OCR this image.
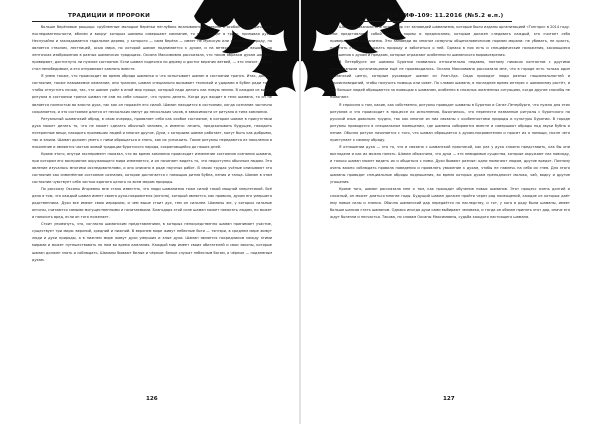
ТРАДИЦИИ И ПРОРОКИ

больше берёзовые рощицы: срубленные молодые берёзки неглубоко вкапываются в землю в особой геометрической последовательности, вблизи и вокруг которых шаманы совершают камлание, то есть входят в транс, призывая духа. Неслучайно и закладывается гадальное дерево, у которого — сама берёза — имеет не мужскую или женскую природу, но является стволом, лестницей, осью мира, по которой шаман поднимается к духам, и на ветвях которого вешают на ленточках изображения в разных шаманских традициях. Оксана Максимовна рассказала, что таким образом духам шаманы проверяют, достигнуто ли нужное состояние. Если шаман поднялся по дереву и достиг верхних ветвей, — это значит, что он стал непобедимым, и его отправляют камлать вместе.

Я умею также, что происходит во время обряда шаманки и что испытывает шаман в состоянии транса. Итак, данное состояние, также называемое камлание, они трансом, шаман специально вызывает техникой и ударами в бубен ради того, чтобы отпустить ночью, так, что шаман ушёл в иной мир проще, который надо делить как новую землю. В каждом из видов ритуала в состоянии транса шаман не сам по себе слышит, что нужно делать. Когда дух входит в тело шамана, то он не является полностью во власти духа, так как он поражён его силой. Шаман находится в состоянии, когда сознание частично сохраняется, и это состояние длится от нескольких минут до нескольких часов, в зависимости от ритуала и типа камлания.

Ритуальный шаманский обряд, в свою очередь, проявляет себя как особое состояние, в котором шаман в присутствии духа может делать то, что не может сделать обычный человек, а именно: лечить, предсказывать будущее, находить потерянные вещи, находить пропавших людей и многое другое. Духи, с которыми шаман работает, могут быть как добрыми, так и злыми. Шаман должен уметь с ними обращаться и знать, как их успокоить. Такие ритуалы передаются из поколения в поколение и являются частью живой традиции бурятского народа, сохраняющейся до наших дней.

Кроме этого, внутри эксперимент показал, что во время камлания происходит изменение состояния сознания шамана, при котором его восприятие окружающего мира изменяется, и он начинает видеть то, что недоступно обычным людям. Это явление изучалось многими исследователями, и оно описано в ряде научных работ. В своих трудах учёные описывают это состояние как изменённое состояние сознания, которое достигается с помощью ритма бубна, пения и танца. Шаман в этом состоянии чувствует себя частью единого целого со всем миром природы.

По рассказу Оксаны Игоревны мне стало известно, что люди шаманизма тоже силой такой мощной энергетикой. Всё дело в том, что каждый шаман имеет своего духа-покровителя (онгона), который является, как правило, духом его умершего родственника. Духи все имеют свою иерархию, и чем выше стоит дух, тем он сильнее. Шаманы же, у которых сильные онгоны, считаются самыми могущественными и почитаемыми. Благодаря этой силе шаман может помогать людям, но может и наносить вред, если он того пожелает.

Стоит упомянуть, что, согласно шаманским представлениям, в которых непосредственно шаман принимает участие, существует три мира: верхний, средний и нижний. В верхнем мире живут небесные боги — тэнгэри, в среднем мире живут люди и духи природы, а в нижнем мире живут духи умерших и злые духи. Шаман является посредником между этими мирами и может путешествовать по ним во время камлания. Каждый мир имеет своих обитателей и свои законы, которые шаман должен знать и соблюдать. Шаманы бывают белые и чёрные: белые служат небесным богам, а чёрные — подземным духам.

126
АПОКРИФ-109: 11.2016 (№5.2 е.п.)

Шаманы показали мне экземпляр «з» заповедей шаманизма, которые были изданы организацией «Тэнгэри» в 2014 году. Они представляют собой краткие нормы и предписания, которым должен следовать каждый, кто считает себя приверженцем шаманизма. Эти заповеди во многом созвучны общечеловеческим нормам морали: не убивать, не красть, почитать старших, уважать природу и заботиться о ней. Однако в них есть и специфические положения, касающиеся отношения к духам и предкам, которые отражают особенности шаманского мировоззрения.

В Петербурге же шаманы Бурятии появились относительно недавно, поэтому никаких контактов с другими религиозными организациями ещё не производилось. Оксана Максимовна рассказала мне, что в городе есть только один шаманский центр, которым руководит шаман из Улан-Удэ. Сюда приходят люди разных национальностей и вероисповеданий, чтобы получить помощь или совет. По словам шамана, в последнее время интерес к шаманизму растёт, и всё больше людей обращаются за помощью к шаманам, особенно в сложных жизненных ситуациях, когда другие способы не помогают.

Я спросила о том, какие, как собственно, ритуалы проводят шаманы в Бурятии и Санкт-Петербурге, что нужно для этих ритуалов и что происходит в процессе их исполнения. Выяснилось, что перенести названные ритуалы с бурятского на русский язык довольно трудно, так как многие из них связаны с особенностями природы и культуры Бурятии. В городе ритуалы проводятся в специальном помещении, где шаманы собираются вместе и совершают обряды под звуки бубна и пение. Обычно ритуал начинается с того, что шаман обращается к духам-покровителям и просит их о помощи, после чего приступает к самому обряду.

Я отношении духа — это то, что и связано с шаманской практикой, как раз у духа сложно представить, как бы они выглядели и как их можно понять. Шаман объяснила, что духи — это невидимые существа, которые окружают нас повсюду, и только шаман может видеть их и общаться с ними. Духи бывают разные: одни помогают людям, другие вредят. Поэтому очень важно соблюдать правила поведения и проявлять уважение к духам, чтобы не навлечь на себя их гнев. Для этого шаманы проводят специальные обряды подношения, во время которых духам преподносят молоко, чай, водку и другие угощения.

Кроме того, шаман рассказала мне о том, как проходит обучение новых шаманов. Этот процесс очень долгий и сложный, он может длиться многие годы. Будущий шаман должен пройти через ряд посвящений, каждое из которых даёт ему новые силы и знания. Обычно шаманский дар передаётся по наследству, и тот, у кого в роду были шаманы, имеет больше шансов стать шаманом. Однако иногда духи сами выбирают человека, и тогда он обязан принять этот дар, иначе его ждут болезни и несчастья. Такова, по словам Оксаны Максимовны, судьба каждого настоящего шамана.

127
